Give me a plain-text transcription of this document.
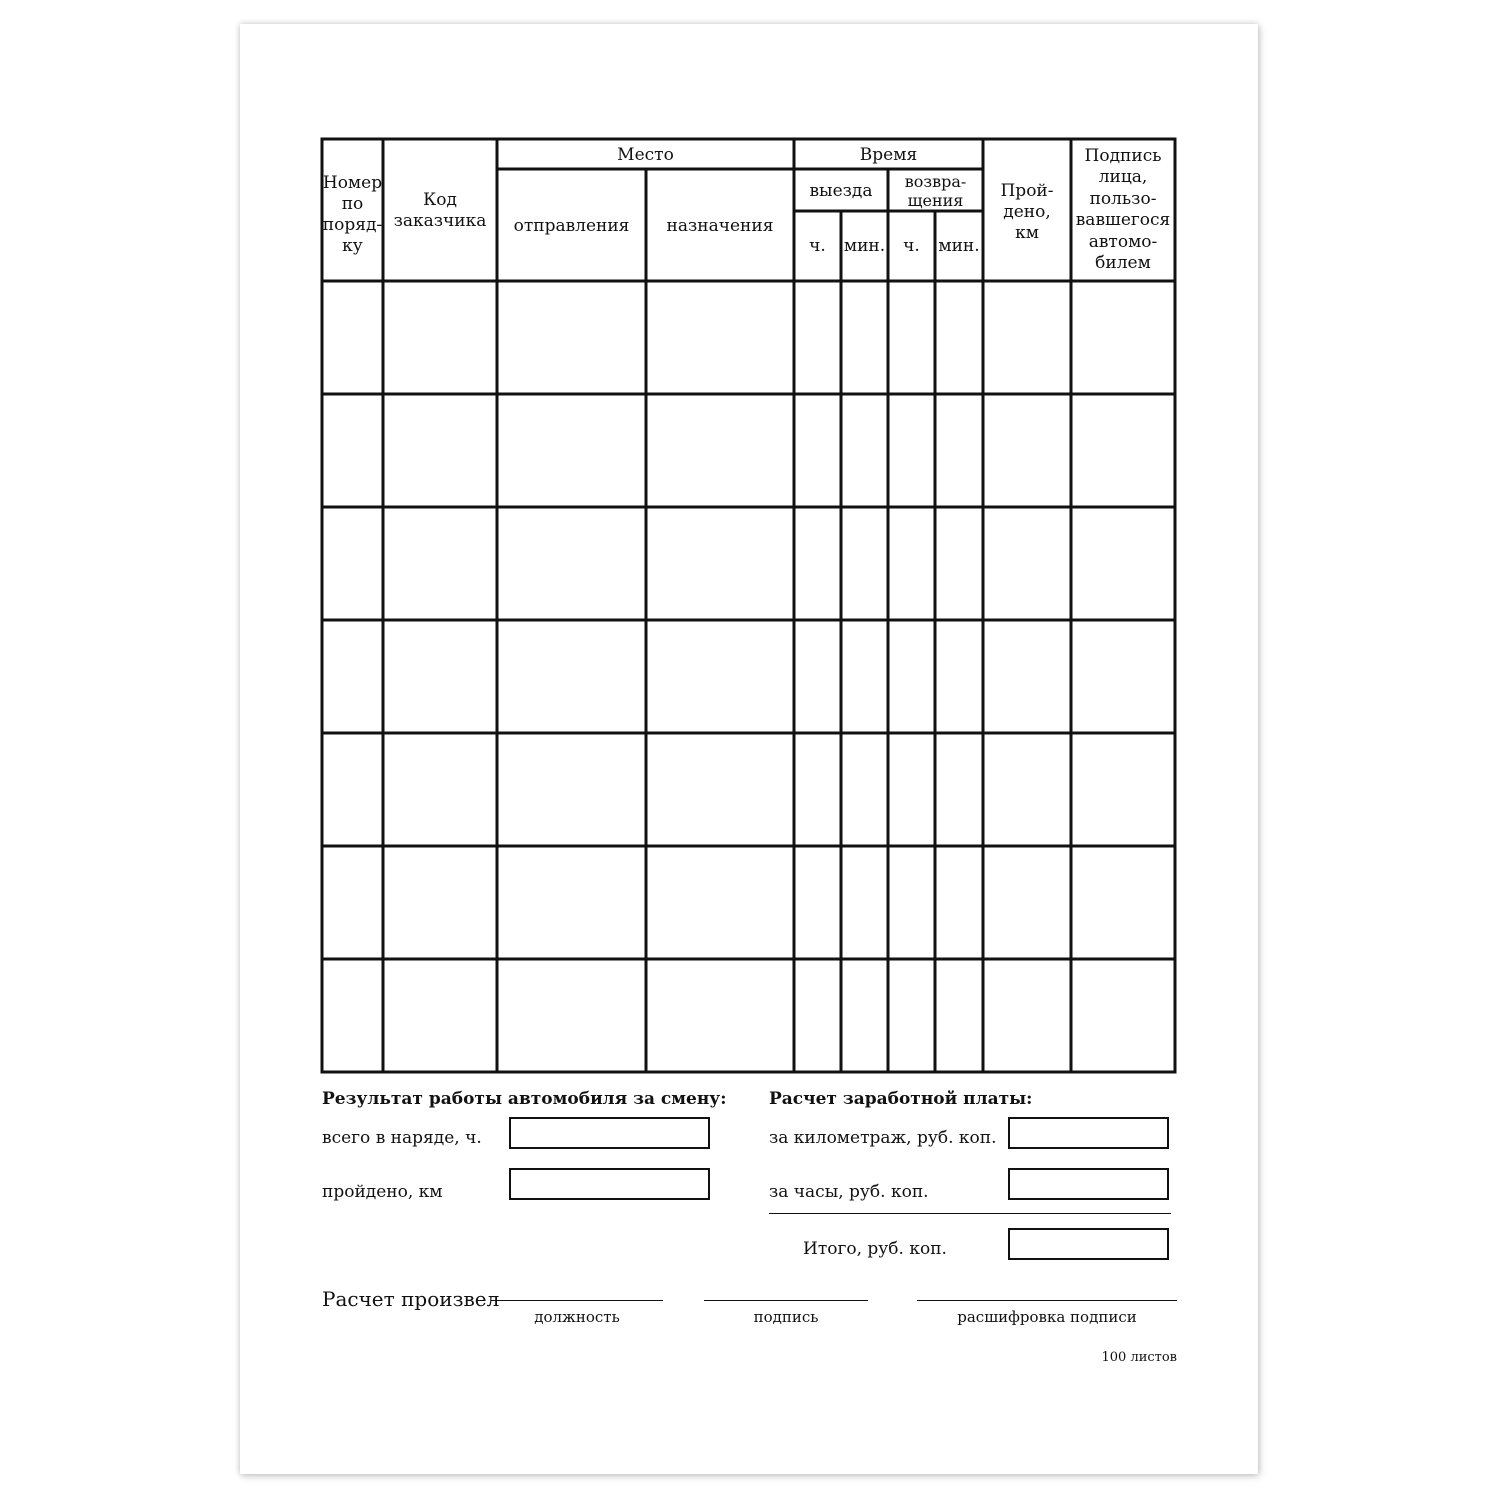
Номер
по
поряд-
ку
Код
заказчика
Место
отправления назначения
Время
выезда возвра-
щения
ч. мин. ч. мин.
Прой-
дено,
км
Подпись
лица,
пользо-
вавшегося
автомо-
билем
Результат работы автомобиля за смену:
всего в наряде, ч.
пройдено, км
Расчет заработной платы:
за километраж, руб. коп.
за часы, руб. коп.
Итого, руб. коп.
Расчет произвел
должность	подпись	расшифровка подписи
100 листов
